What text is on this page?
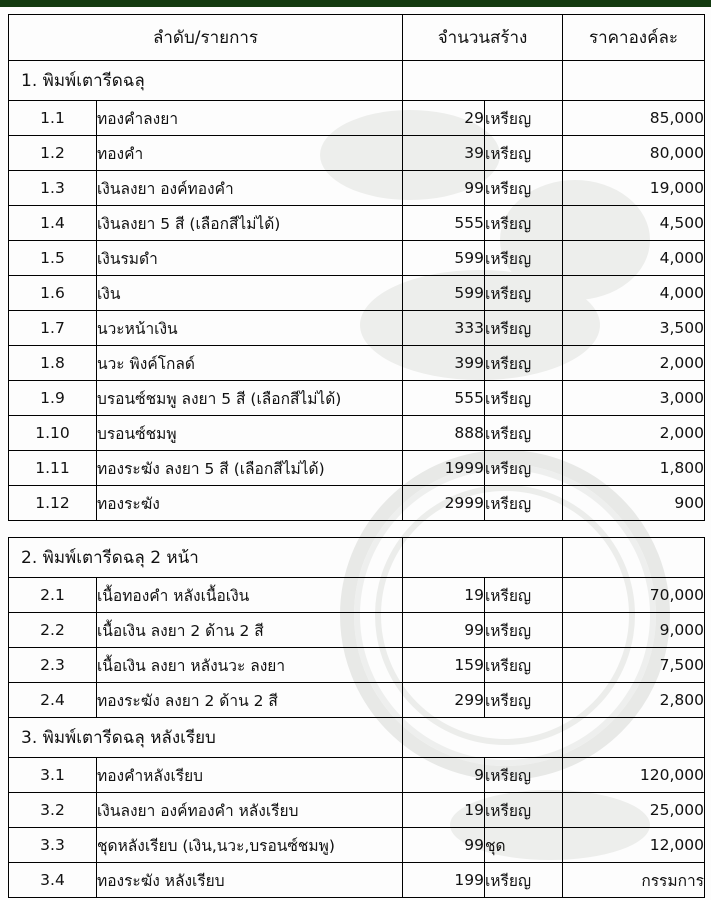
ลำดับ/รายการ		จำนวนสร้าง		ราคาองค์ละ
1. พิมพ์เตารีดฉลุ				
1.1	ทองคำลงยา	29	เหรียญ	85,000
1.2	ทองคำ	39	เหรียญ	80,000
1.3	เงินลงยา องค์ทองคำ	99	เหรียญ	19,000
1.4	เงินลงยา 5 สี (เลือกสีไม่ได้)	555	เหรียญ	4,500
1.5	เงินรมดำ	599	เหรียญ	4,000
1.6	เงิน	599	เหรียญ	4,000
1.7	นวะหน้าเงิน	333	เหรียญ	3,500
1.8	นวะ พิงค์โกลด์	399	เหรียญ	2,000
1.9	บรอนซ์ชมพู ลงยา 5 สี (เลือกสีไม่ได้)	555	เหรียญ	3,000
1.10	บรอนซ์ชมพู	888	เหรียญ	2,000
1.11	ทองระฆัง ลงยา 5 สี (เลือกสีไม่ได้)	1999	เหรียญ	1,800
1.12	ทองระฆัง	2999	เหรียญ	900
2. พิมพ์เตารีดฉลุ 2 หน้า				
2.1	เนื้อทองคำ หลังเนื้อเงิน	19	เหรียญ	70,000
2.2	เนื้อเงิน ลงยา 2 ด้าน 2 สี	99	เหรียญ	9,000
2.3	เนื้อเงิน ลงยา หลังนวะ ลงยา	159	เหรียญ	7,500
2.4	ทองระฆัง ลงยา 2 ด้าน 2 สี	299	เหรียญ	2,800
3. พิมพ์เตารีดฉลุ หลังเรียบ				
3.1	ทองคำหลังเรียบ	9	เหรียญ	120,000
3.2	เงินลงยา องค์ทองคำ หลังเรียบ	19	เหรียญ	25,000
3.3	ชุดหลังเรียบ (เงิน,นวะ,บรอนซ์ชมพู)	99	ชุด	12,000
3.4	ทองระฆัง หลังเรียบ	199	เหรียญ	กรรมการ
